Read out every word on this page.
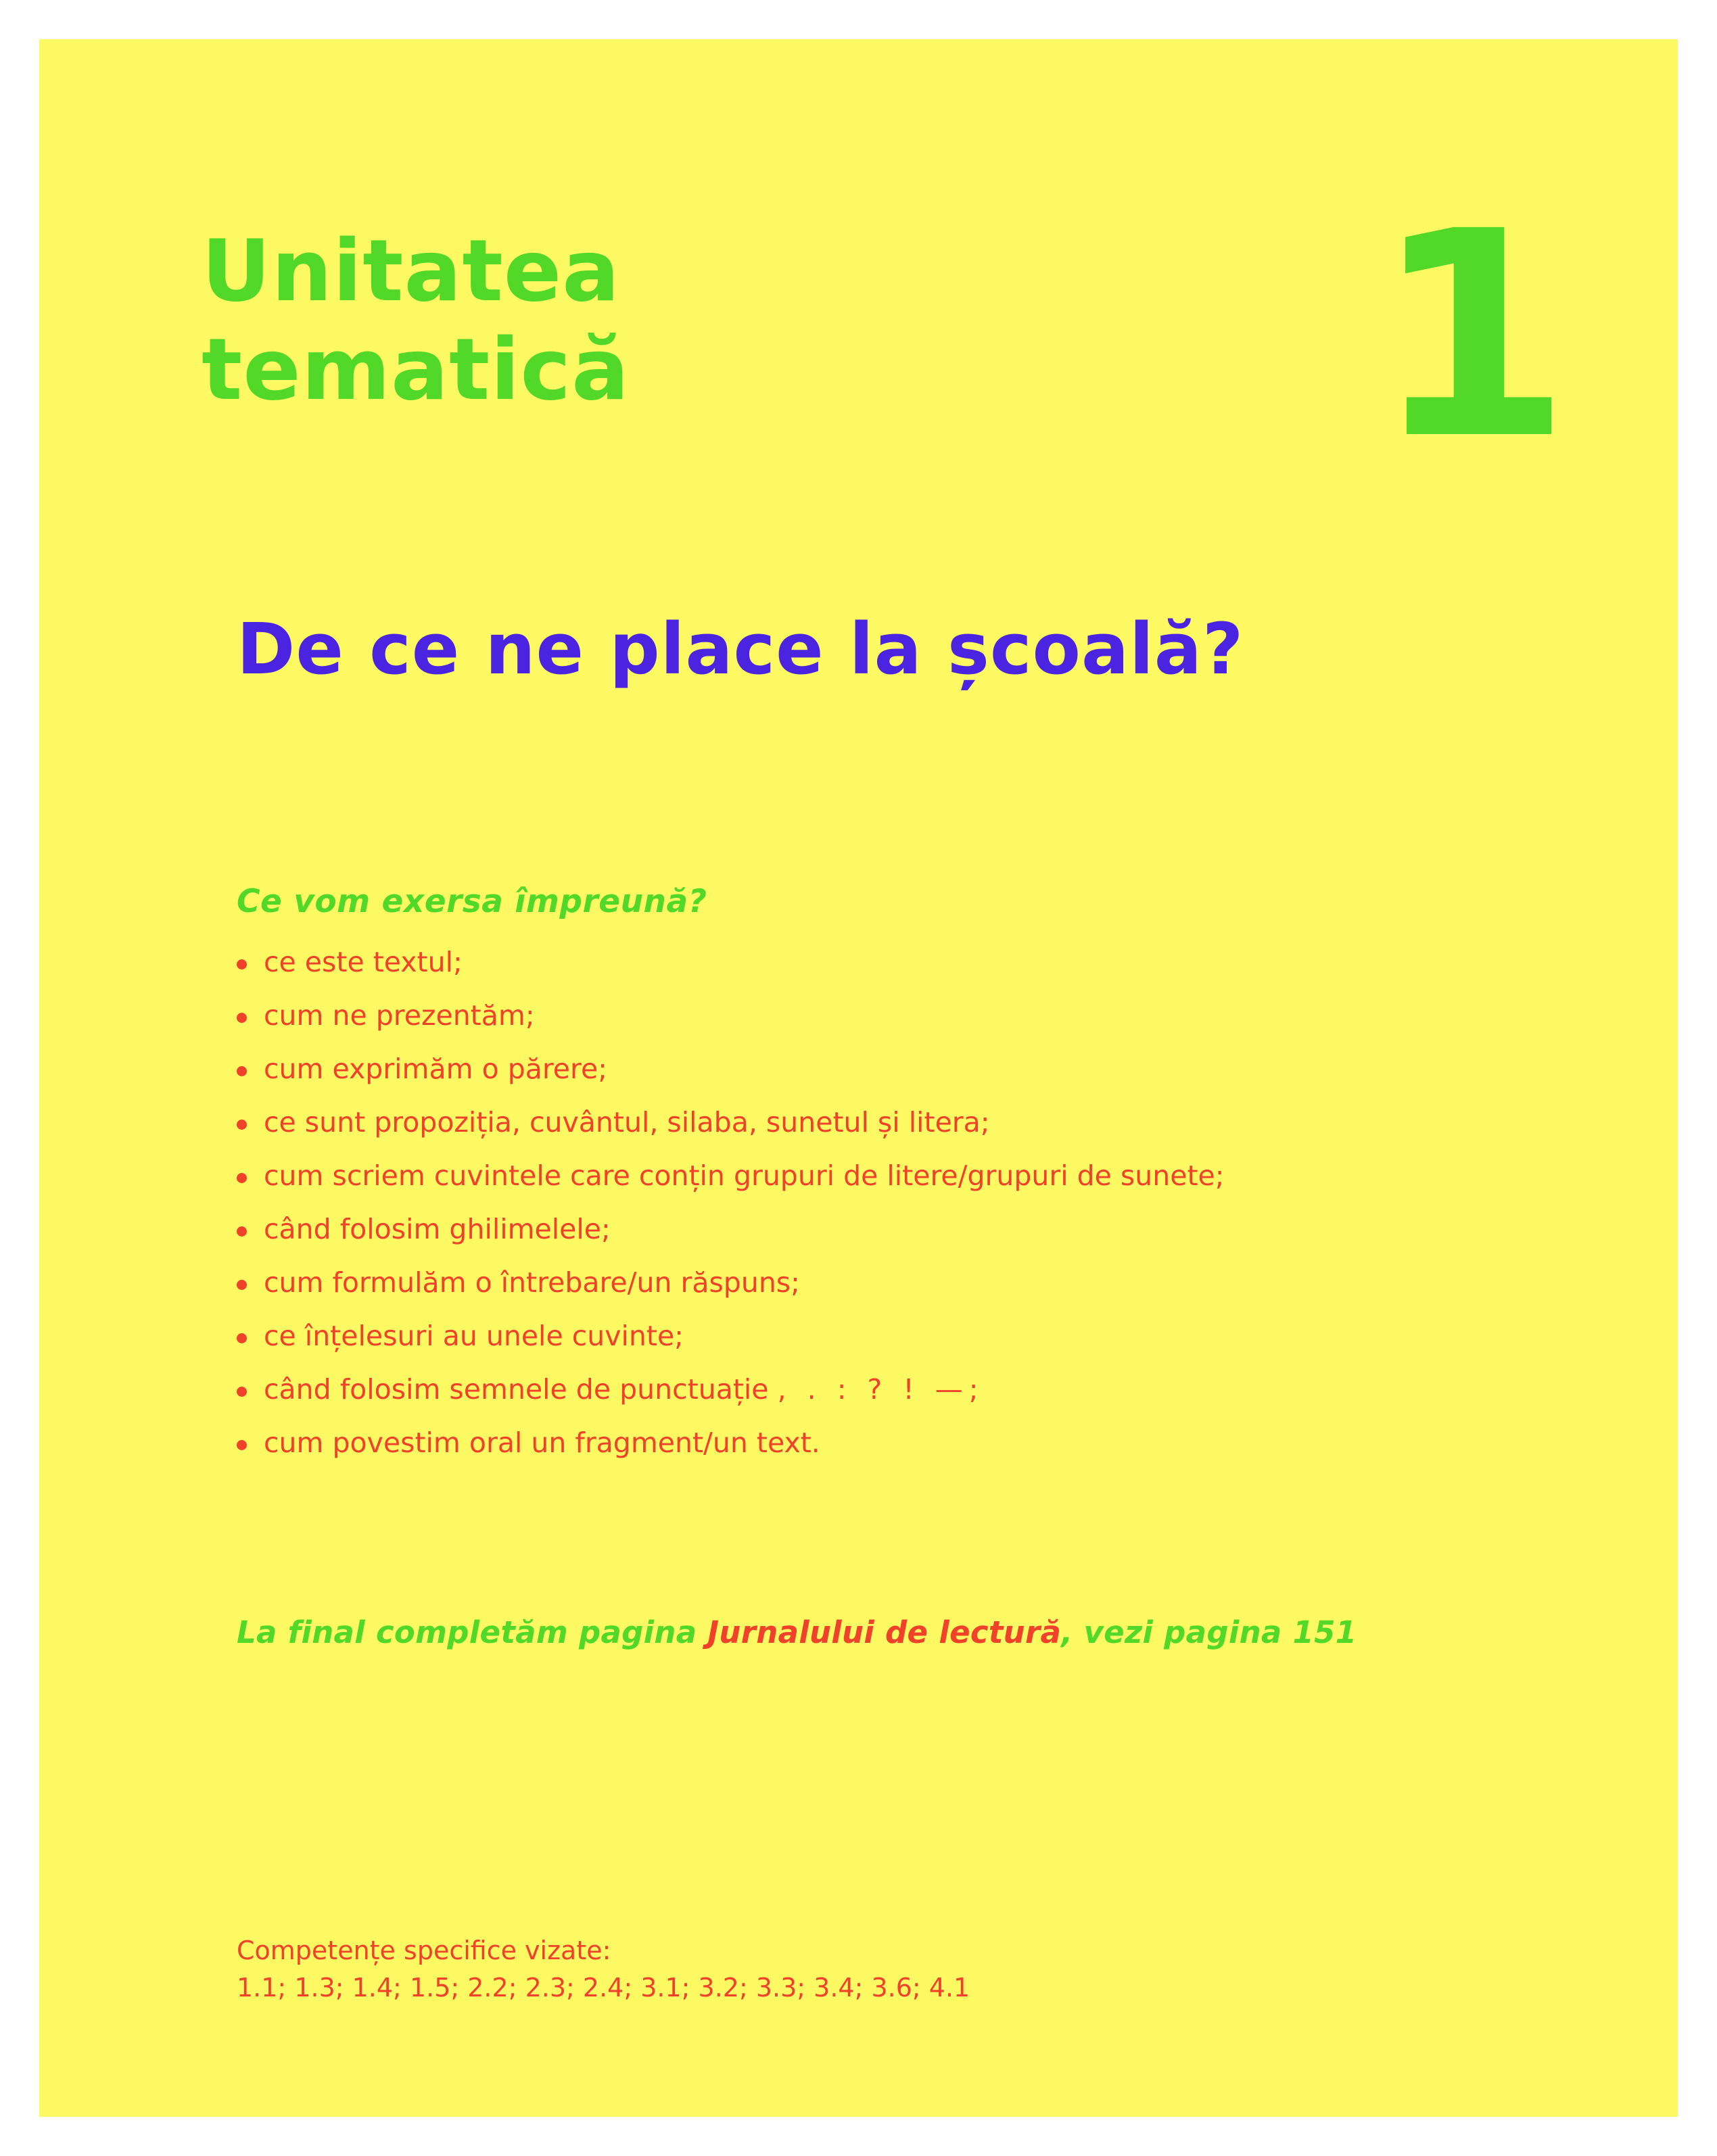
Unitatea
tematică	1
De ce ne place la școală?
Ce vom exersa împreună?
ce este textul;
cum ne prezentăm;
cum exprimăm o părere;
ce sunt propoziția, cuvântul, silaba, sunetul și litera;
cum scriem cuvintele care conțin grupuri de litere/grupuri de sunete;
când folosim ghilimelele;
cum formulăm o întrebare/un răspuns;
ce înțelesuri au unele cuvinte;
când folosim semnele de punctuație , . : ? ! —;
cum povestim oral un fragment/un text.
La final completăm pagina Jurnalului de lectură, vezi pagina 151
Competențe specifice vizate:
1.1; 1.3; 1.4; 1.5; 2.2; 2.3; 2.4; 3.1; 3.2; 3.3; 3.4; 3.6; 4.1
